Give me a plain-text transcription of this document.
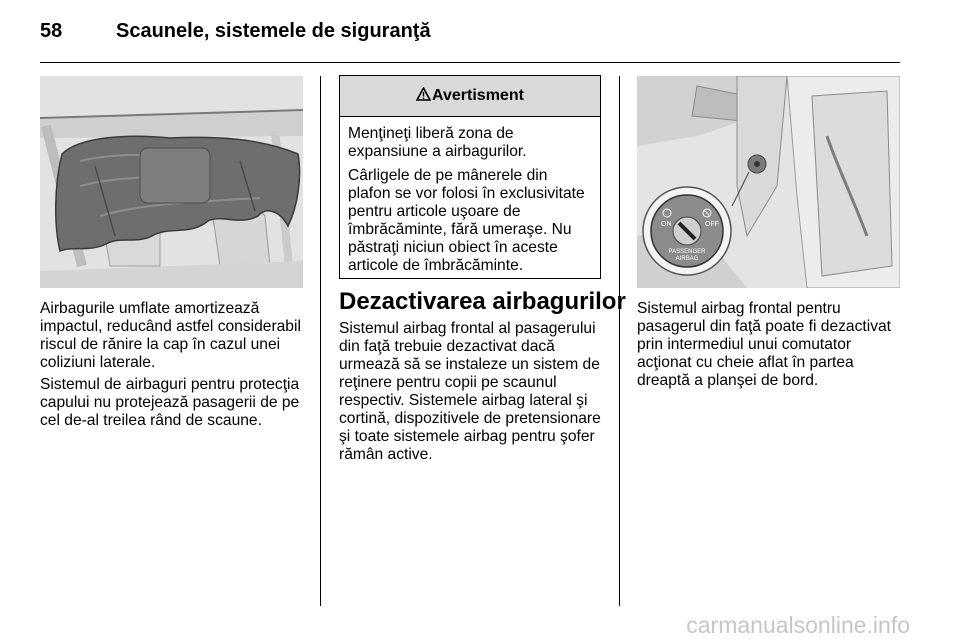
58	Scaunele, sistemele de siguranţă
Airbagurile umflate amortizează impactul, reducând astfel considerabil riscul de rănire la cap în cazul unei coliziuni laterale.
Sistemul de airbaguri pentru protecţia capului nu protejează pasagerii de pe cel de-al treilea rând de scaune.
Avertisment

Menţineţi liberă zona de expansiune a airbagurilor.

Cârligele de pe mânerele din plafon se vor folosi în exclusivitate pentru articole uşoare de îmbrăcăminte, fără umeraşe. Nu păstraţi niciun obiect în aceste articole de îmbrăcăminte.

Dezactivarea airbagurilor
Sistemul airbag frontal al pasagerului din faţă trebuie dezactivat dacă urmează să se instaleze un sistem de reţinere pentru copii pe scaunul respectiv. Sistemele airbag lateral şi cortină, dispozitivele de pretensionare şi toate sistemele airbag pentru şofer rămân active.
ON	OFF
PASSENGER
AIRBAG
Sistemul airbag frontal pentru pasagerul din faţă poate fi dezactivat prin intermediul unui comutator acţionat cu cheie aflat în partea dreaptă a planşei de bord.
carmanualsonline.info
